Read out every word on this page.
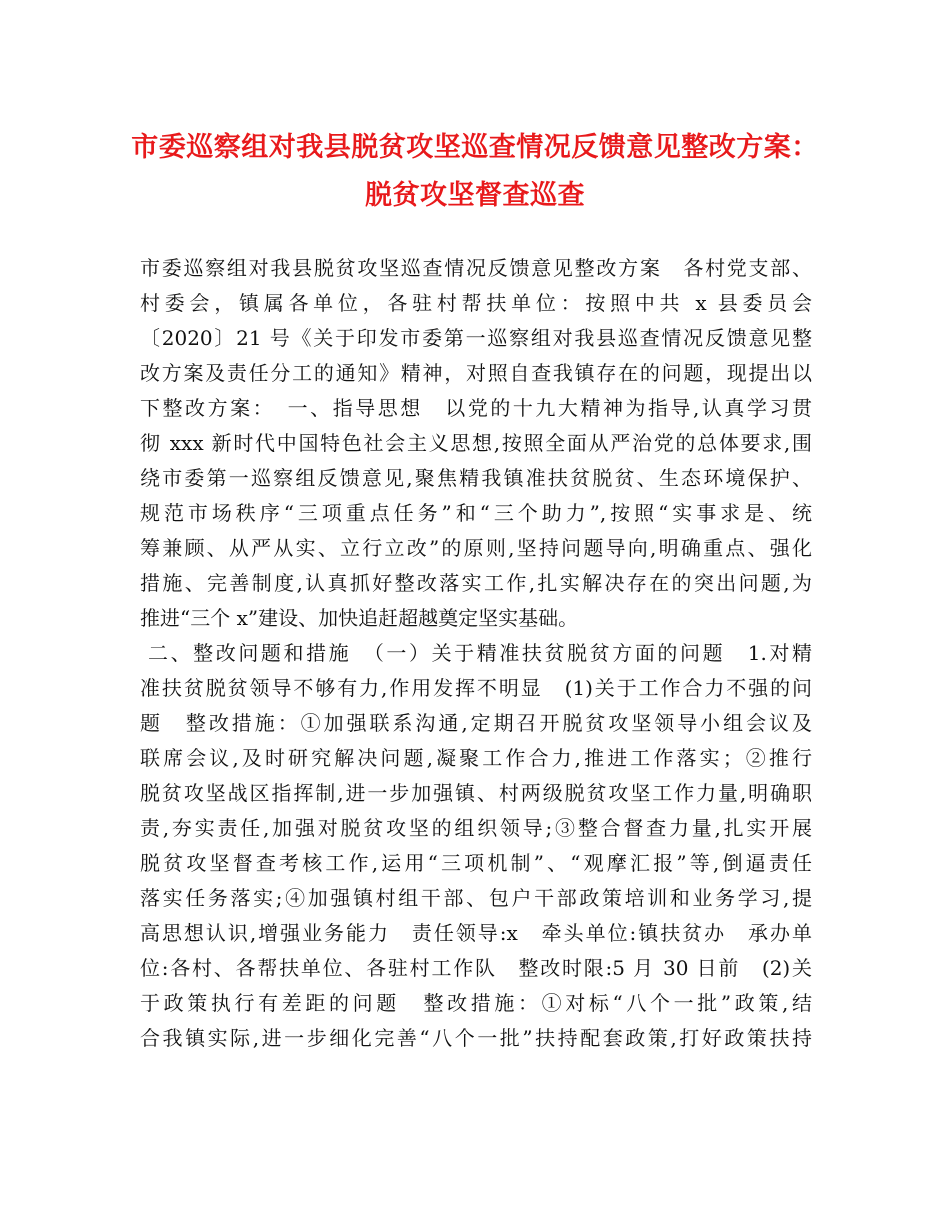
市委巡察组对我县脱贫攻坚巡查情况反馈意见整改方案：
脱贫攻坚督查巡查
市委巡察组对我县脱贫攻坚巡查情况反馈意见整改方案　各村党支部、
村委会，镇属各单位，各驻村帮扶单位：按照中共 x 县委员会
〔2020〕21 号《关于印发市委第一巡察组对我县巡查情况反馈意见整
改方案及责任分工的通知》精神，对照自查我镇存在的问题，现提出以
下整改方案：　一、指导思想　以党的十九大精神为指导,认真学习贯
彻 xxx 新时代中国特色社会主义思想,按照全面从严治党的总体要求,围
绕市委第一巡察组反馈意见,聚焦精我镇准扶贫脱贫、生态环境保护、
规范市场秩序“三项重点任务”和“三个助力”,按照“实事求是、统
筹兼顾、从严从实、立行立改”的原则,坚持问题导向,明确重点、强化
措施、完善制度,认真抓好整改落实工作,扎实解决存在的突出问题,为
推进“三个 x”建设、加快追赶超越奠定坚实基础。
二、整改问题和措施　（一）关于精准扶贫脱贫方面的问题　1.对精
准扶贫脱贫领导不够有力,作用发挥不明显　(1)关于工作合力不强的问
题　整改措施：①加强联系沟通,定期召开脱贫攻坚领导小组会议及
联席会议,及时研究解决问题,凝聚工作合力,推进工作落实；②推行
脱贫攻坚战区指挥制,进一步加强镇、村两级脱贫攻坚工作力量,明确职
责,夯实责任,加强对脱贫攻坚的组织领导;③整合督查力量,扎实开展
脱贫攻坚督查考核工作,运用“三项机制”、“观摩汇报”等,倒逼责任
落实任务落实;④加强镇村组干部、包户干部政策培训和业务学习,提
高思想认识,增强业务能力　责任领导:x　牵头单位:镇扶贫办　承办单
位:各村、各帮扶单位、各驻村工作队　整改时限:5 月 30 日前　(2)关
于政策执行有差距的问题　整改措施：①对标“八个一批”政策,结
合我镇实际,进一步细化完善“八个一批”扶持配套政策,打好政策扶持
